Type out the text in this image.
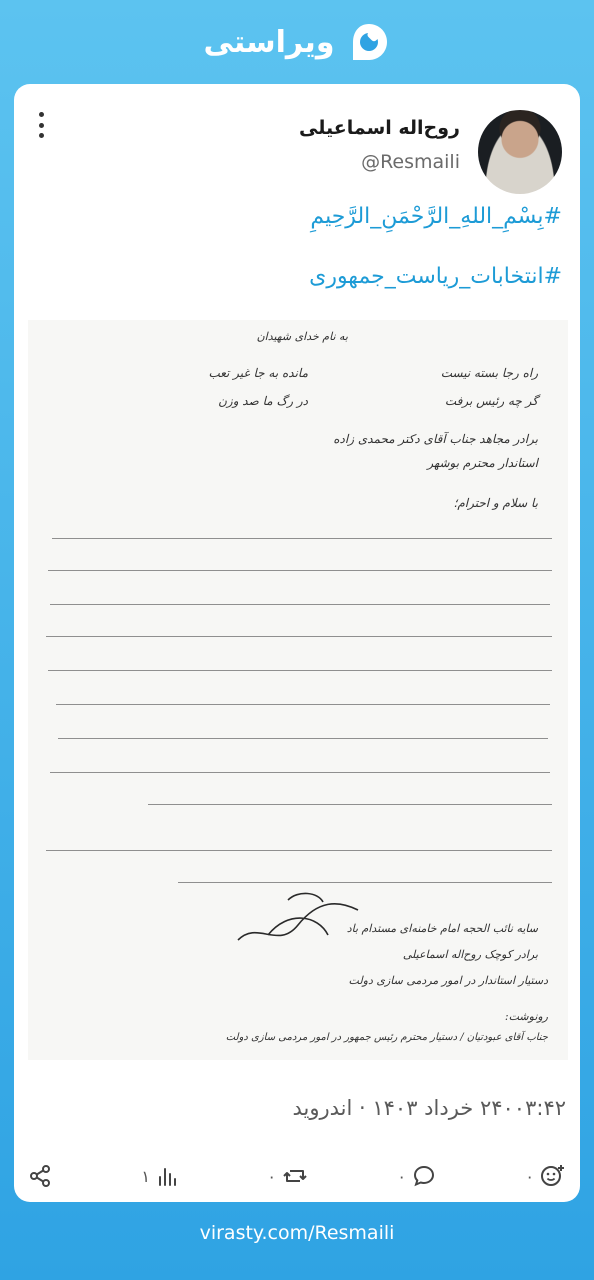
ویراستی
روح‌اله اسماعیلی
@Resmaili
#بِسْمِ_اللهِ_الرَّحْمَنِ_الرَّحِیمِ
#انتخابات_ریاست_جمهوری
به نام خدای شهیدان
راه رجا بسته نیست
مانده به جا غیر تعب
گر چه رئیس برفت
در رگ ما صد وزن
برادر مجاهد جناب آقای دکتر محمدی زاده
استاندار محترم بوشهر
با سلام و احترام؛
سایه نائب الحجه امام خامنه‌ای مستدام باد
برادر کوچک روح‌اله اسماعیلی
دستیار استاندار در امور مردمی سازی دولت
رونوشت:
جناب آقای عبودتیان / دستیار محترم رئیس جمهور در امور مردمی سازی دولت
۲۴۰۰۳:۴۲ خرداد ۱۴۰۳ · اندروید
۱	۰	۰	۰
virasty.com/Resmaili
